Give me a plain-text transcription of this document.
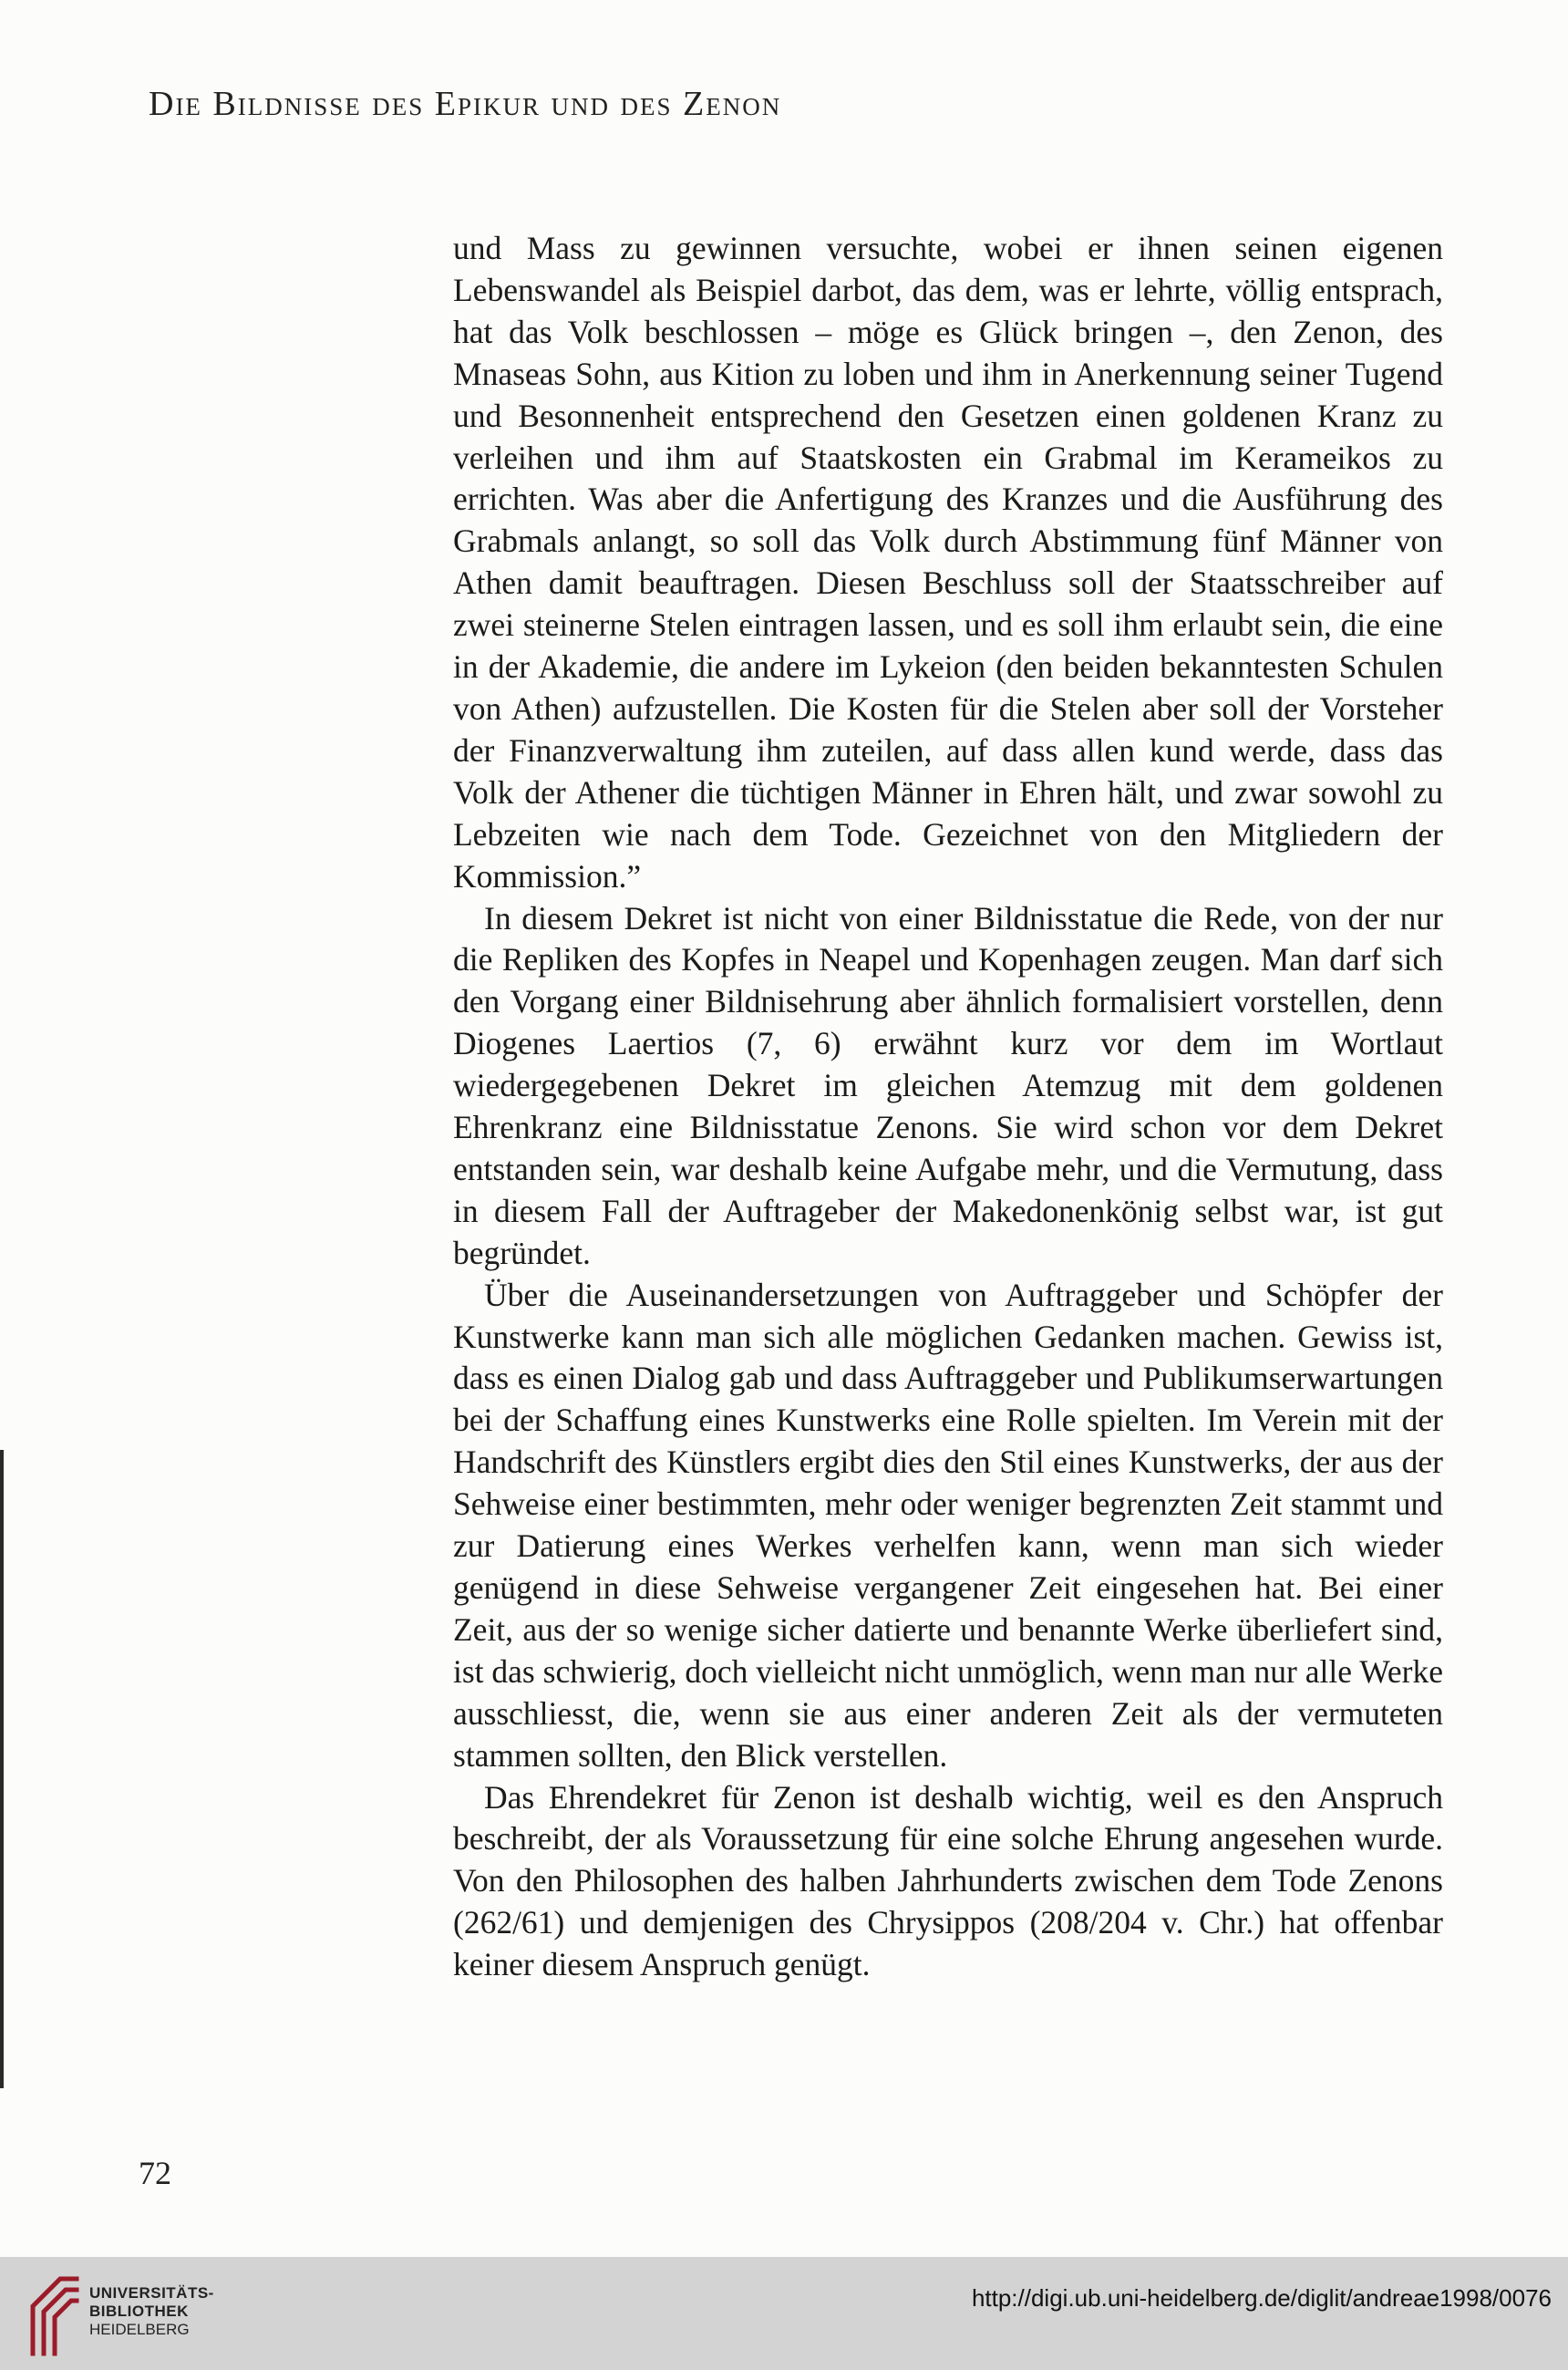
Die Bildnisse des Epikur und des Zenon

und Mass zu gewinnen versuchte, wobei er ihnen seinen eigenen Lebenswandel als Beispiel darbot, das dem, was er lehrte, völlig entsprach, hat das Volk beschlossen – möge es Glück bringen –, den Zenon, des Mnaseas Sohn, aus Kition zu loben und ihm in Anerkennung seiner Tugend und Besonnenheit entsprechend den Gesetzen einen goldenen Kranz zu verleihen und ihm auf Staatskosten ein Grabmal im Kerameikos zu errichten. Was aber die Anfertigung des Kranzes und die Ausführung des Grabmals anlangt, so soll das Volk durch Abstimmung fünf Männer von Athen damit beauftragen. Diesen Beschluss soll der Staatsschreiber auf zwei steinerne Stelen eintragen lassen, und es soll ihm erlaubt sein, die eine in der Akademie, die andere im Lykeion (den beiden bekanntesten Schulen von Athen) aufzustellen. Die Kosten für die Stelen aber soll der Vorsteher der Finanzverwaltung ihm zuteilen, auf dass allen kund werde, dass das Volk der Athener die tüchtigen Männer in Ehren hält, und zwar sowohl zu Lebzeiten wie nach dem Tode. Gezeichnet von den Mitgliedern der Kommission.”

In diesem Dekret ist nicht von einer Bildnisstatue die Rede, von der nur die Repliken des Kopfes in Neapel und Kopenhagen zeugen. Man darf sich den Vorgang einer Bildnisehrung aber ähnlich formalisiert vorstellen, denn Diogenes Laertios (7, 6) erwähnt kurz vor dem im Wortlaut wiedergegebenen Dekret im gleichen Atemzug mit dem goldenen Ehrenkranz eine Bildnisstatue Zenons. Sie wird schon vor dem Dekret entstanden sein, war deshalb keine Aufgabe mehr, und die Vermutung, dass in diesem Fall der Auftrageber der Makedonenkönig selbst war, ist gut begründet.

Über die Auseinandersetzungen von Auftraggeber und Schöpfer der Kunstwerke kann man sich alle möglichen Gedanken machen. Gewiss ist, dass es einen Dialog gab und dass Auftraggeber und Publikumserwartungen bei der Schaffung eines Kunstwerks eine Rolle spielten. Im Verein mit der Handschrift des Künstlers ergibt dies den Stil eines Kunstwerks, der aus der Sehweise einer bestimmten, mehr oder weniger begrenzten Zeit stammt und zur Datierung eines Werkes verhelfen kann, wenn man sich wieder genügend in diese Sehweise vergangener Zeit eingesehen hat. Bei einer Zeit, aus der so wenige sicher datierte und benannte Werke überliefert sind, ist das schwierig, doch vielleicht nicht unmöglich, wenn man nur alle Werke ausschliesst, die, wenn sie aus einer anderen Zeit als der vermuteten stammen sollten, den Blick verstellen.

Das Ehrendekret für Zenon ist deshalb wichtig, weil es den Anspruch beschreibt, der als Voraussetzung für eine solche Ehrung angesehen wurde. Von den Philosophen des halben Jahrhunderts zwischen dem Tode Zenons (262/61) und demjenigen des Chrysippos (208/204 v. Chr.) hat offenbar keiner diesem Anspruch genügt.

72
UNIVERSITÄTS-
BIBLIOTHEK
HEIDELBERG
http://digi.ub.uni-heidelberg.de/diglit/andreae1998/0076
